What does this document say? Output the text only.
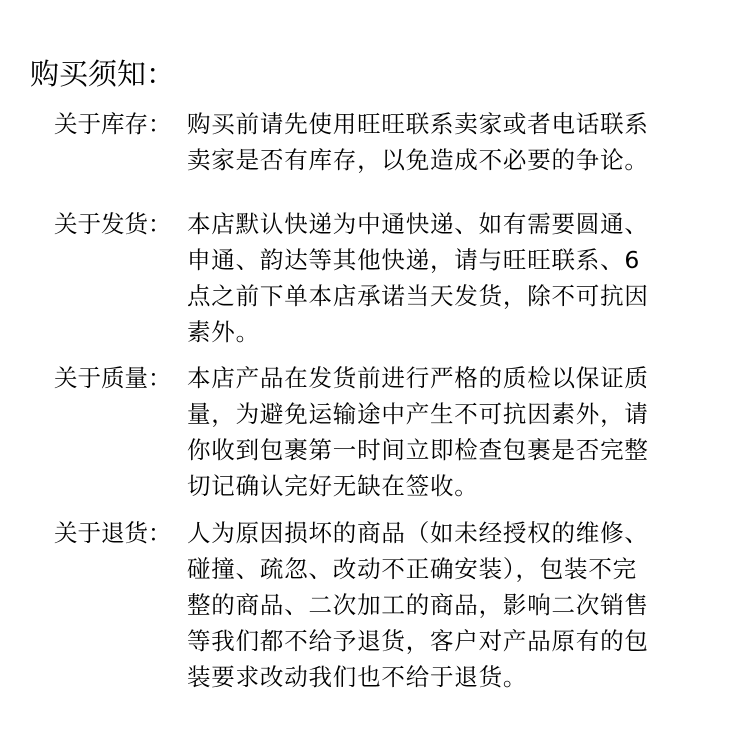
购买须知：
关于库存： 购买前请先使用旺旺联系卖家或者电话联系
卖家是否有库存，以免造成不必要的争论。
关于发货： 本店默认快递为中通快递、如有需要圆通、
申通、韵达等其他快递，请与旺旺联系、6
点之前下单本店承诺当天发货，除不可抗因
素外。
关于质量： 本店产品在发货前进行严格的质检以保证质
量，为避免运输途中产生不可抗因素外，请
你收到包裹第一时间立即检查包裹是否完整
切记确认完好无缺在签收。
关于退货： 人为原因损坏的商品（如未经授权的维修、
碰撞、疏忽、改动不正确安装），包装不完
整的商品、二次加工的商品，影响二次销售
等我们都不给予退货，客户对产品原有的包
装要求改动我们也不给于退货。
